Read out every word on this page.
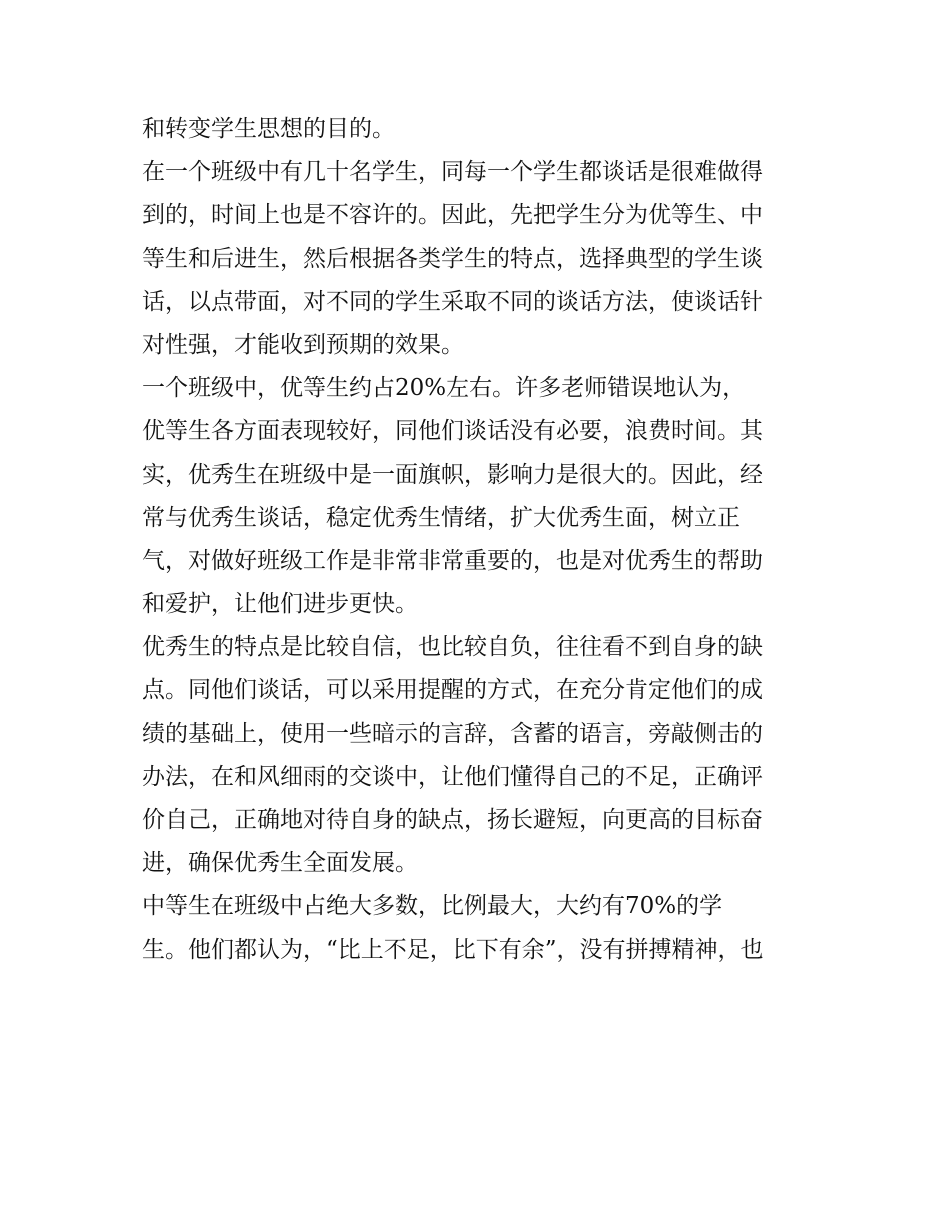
和转变学生思想的目的。
在一个班级中有几十名学生，同每一个学生都谈话是很难做得
到的，时间上也是不容许的。因此，先把学生分为优等生、中
等生和后进生，然后根据各类学生的特点，选择典型的学生谈
话，以点带面，对不同的学生采取不同的谈话方法，使谈话针
对性强，才能收到预期的效果。
一个班级中，优等生约占20%左右。许多老师错误地认为，
优等生各方面表现较好，同他们谈话没有必要，浪费时间。其
实，优秀生在班级中是一面旗帜，影响力是很大的。因此，经
常与优秀生谈话，稳定优秀生情绪，扩大优秀生面，树立正
气，对做好班级工作是非常非常重要的，也是对优秀生的帮助
和爱护，让他们进步更快。
优秀生的特点是比较自信，也比较自负，往往看不到自身的缺
点。同他们谈话，可以采用提醒的方式，在充分肯定他们的成
绩的基础上，使用一些暗示的言辞，含蓄的语言，旁敲侧击的
办法，在和风细雨的交谈中，让他们懂得自己的不足，正确评
价自己，正确地对待自身的缺点，扬长避短，向更高的目标奋
进，确保优秀生全面发展。
中等生在班级中占绝大多数，比例最大，大约有70%的学
生。他们都认为，“比上不足，比下有余”，没有拼搏精神，也
